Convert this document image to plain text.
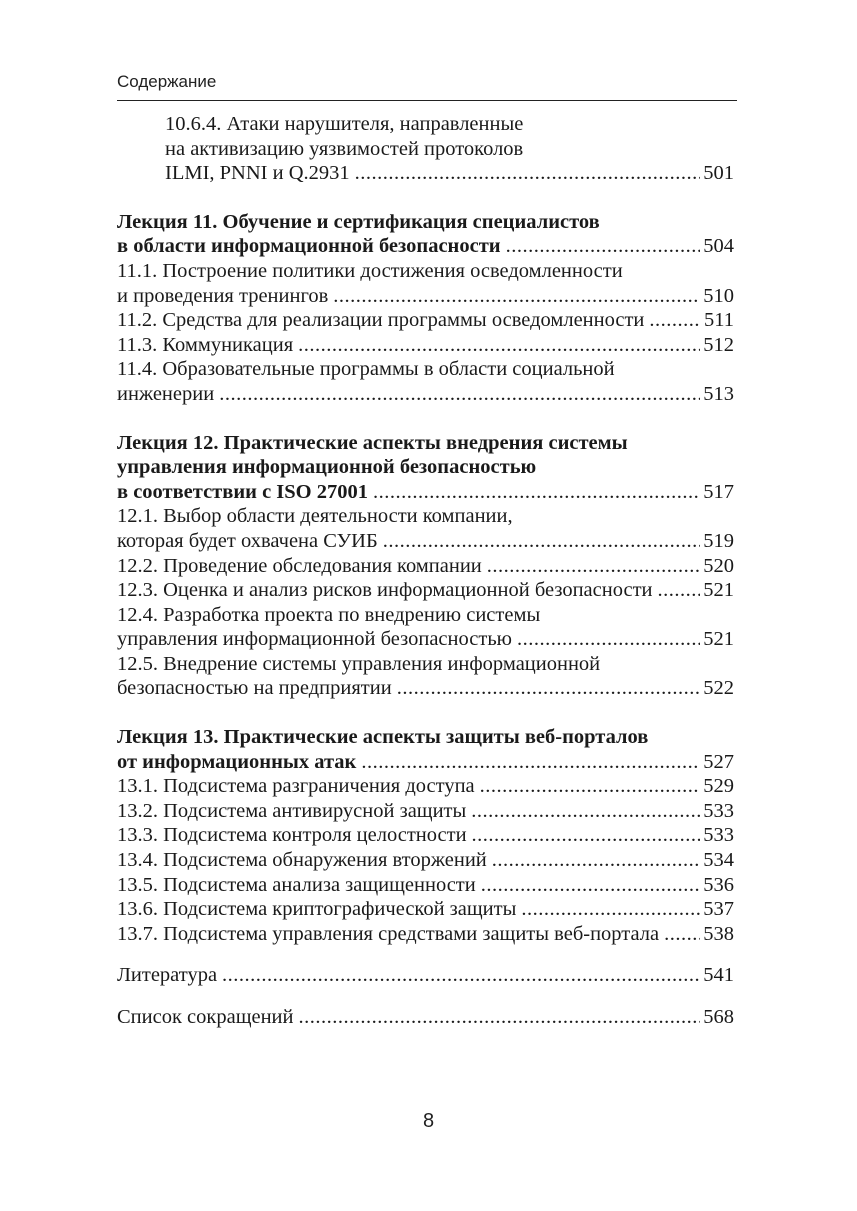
Содержание
10.6.4. Атаки нарушителя, направленные
на активизацию уязвимостей протоколов
ILMI, PNNI и Q.2931 .....	501
Лекция 11. Обучение и сертификация специалистов
в области информационной безопасности .....	504
11.1. Построение политики достижения осведомленности
и проведения тренингов .....	510
11.2. Средства для реализации программы осведомленности .....	511
11.3. Коммуникация .....	512
11.4. Образовательные программы в области социальной
инженерии .....	513
Лекция 12. Практические аспекты внедрения системы
управления информационной безопасностью
в соответствии с ISO 27001 .....	517
12.1. Выбор области деятельности компании,
которая будет охвачена СУИБ .....	519
12.2. Проведение обследования компании .....	520
12.3. Оценка и анализ рисков информационной безопасности ..... 521
12.4. Разработка проекта по внедрению системы
управления информационной безопасностью .....	521
12.5. Внедрение системы управления информационной
безопасностью на предприятии .....	522
Лекция 13. Практические аспекты защиты веб-порталов
от информационных атак .....	527
13.1. Подсистема разграничения доступа .....	529
13.2. Подсистема антивирусной защиты .....	533
13.3. Подсистема контроля целостности .....	533
13.4. Подсистема обнаружения вторжений .....	534
13.5. Подсистема анализа защищенности .....	536
13.6. Подсистема криптографической защиты .....	537
13.7. Подсистема управления средствами защиты веб-портала ..... 538
Литература .....	541
Список сокращений .....	568
8
